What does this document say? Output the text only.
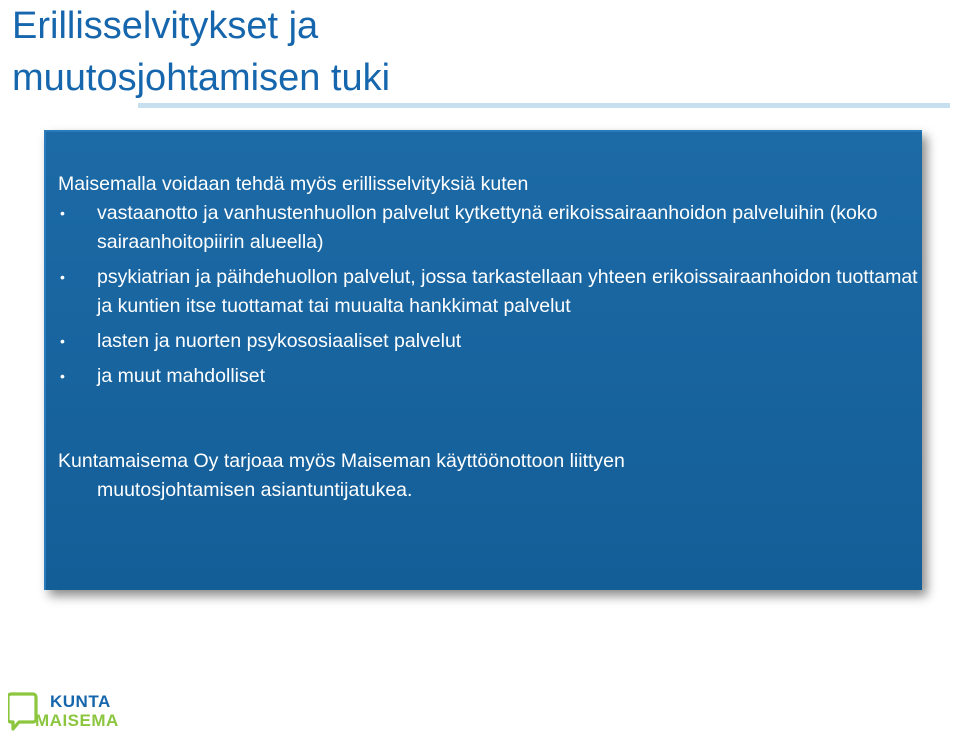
Erillisselvitykset ja
muutosjohtamisen tuki

Maisemalla voidaan tehdä myös erillisselvityksiä kuten

• vastaanotto ja vanhustenhuollon palvelut kytkettynä erikoissairaanhoidon palveluihin (koko sairaanhoitopiirin alueella)
• psykiatrian ja päihdehuollon palvelut, jossa tarkastellaan yhteen erikoissairaanhoidon tuottamat ja kuntien itse tuottamat tai muualta hankkimat palvelut
• lasten ja nuorten psykososiaaliset palvelut
• ja muut mahdolliset

Kuntamaisema Oy tarjoaa myös Maiseman käyttöönottoon liittyen
muutosjohtamisen asiantuntijatukea.

KUNTA
MAISEMA
